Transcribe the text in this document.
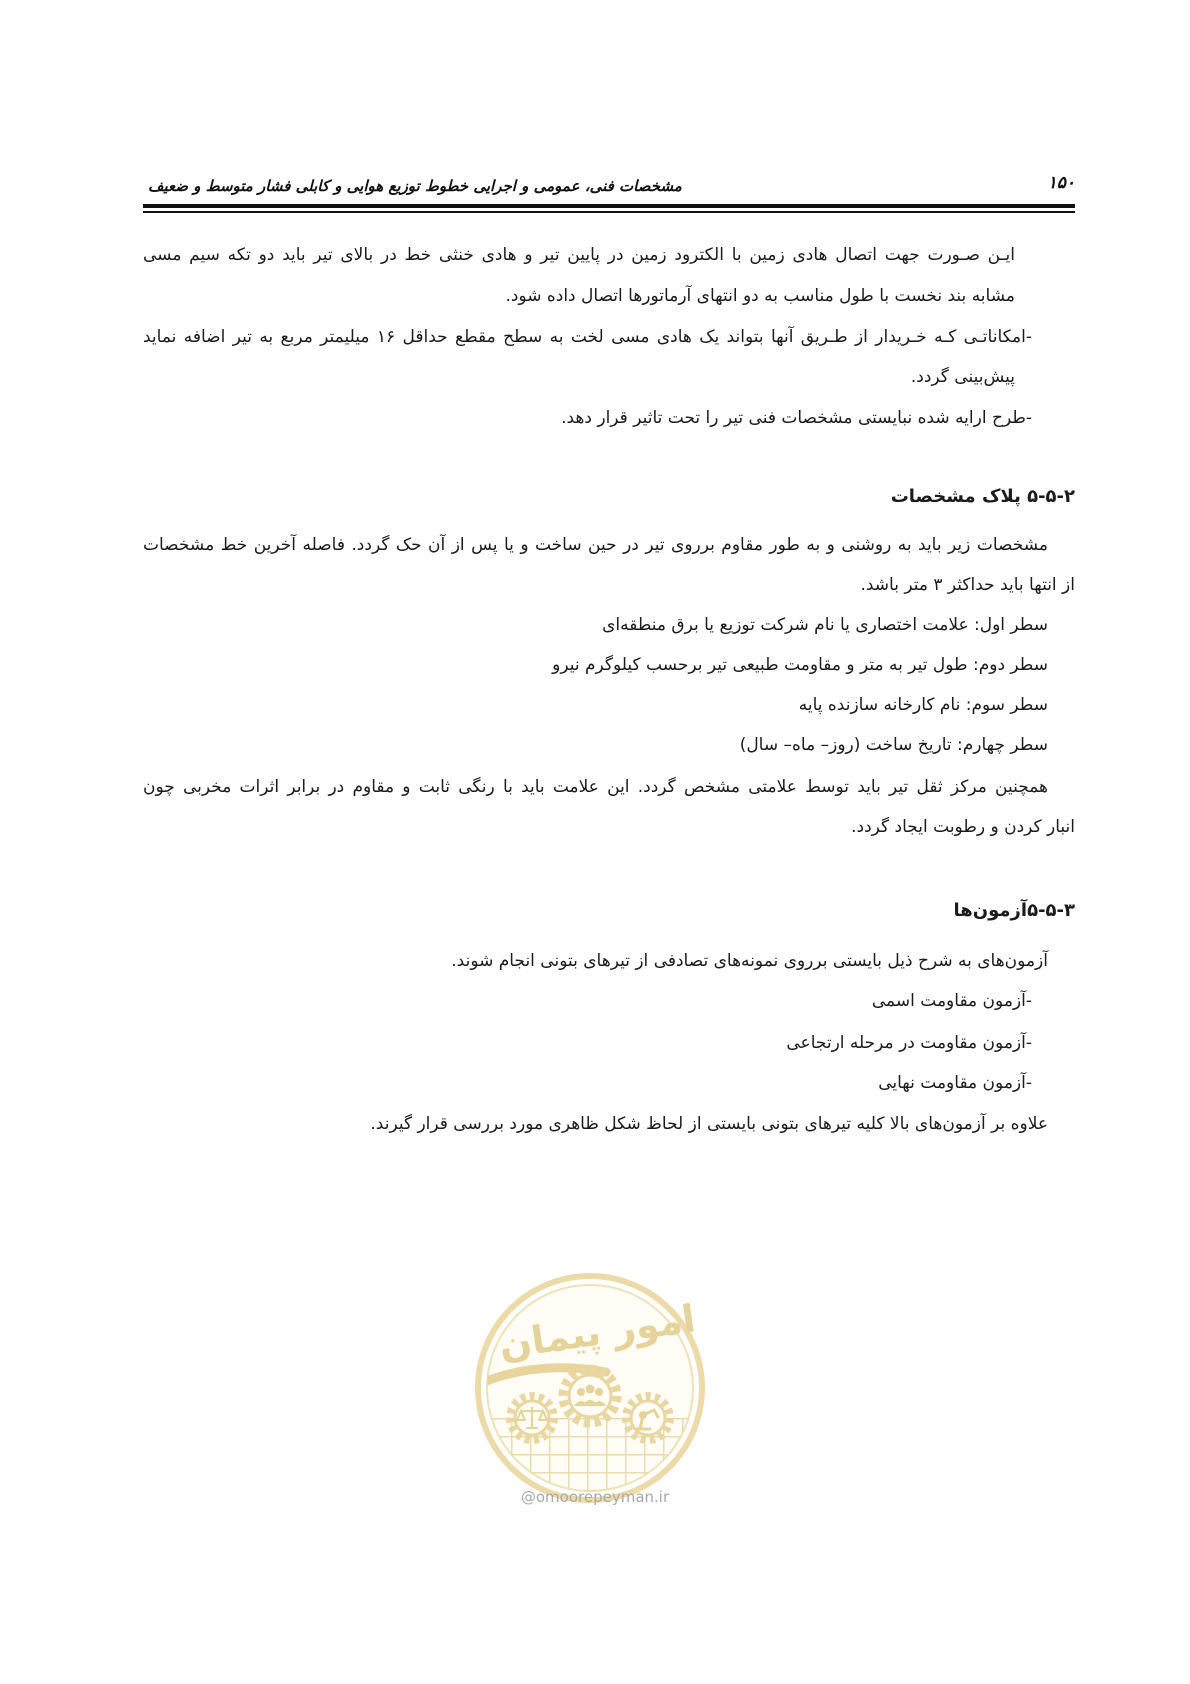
مشخصات فنی، عمومی و اجرایی خطوط توزیع هوایی و کابلی فشار متوسط و ضعیف	۱۵۰
ایـن صـورت جهت اتصال هادی زمین با الکترود زمین در پایین تیر و هادی خنثی خط در بالای تیر باید دو تکه سیم مسی
مشابه بند نخست با طول مناسب به دو انتهای آرماتورها اتصال داده شود.
-امکاناتـی کـه خـریدار از طـریق آنها بتواند یک هادی مسی لخت به سطح مقطع حداقل ۱۶ میلیمتر مربع به تیر اضافه نماید
پیش‌بینی گردد.
-طرح ارایه شده نبایستی مشخصات فنی تیر را تحت تاثیر قرار دهد.
۵-۵-۲ پلاک مشخصات
مشخصات زیر باید به روشنی و به طور مقاوم برروی تیر در حین ساخت و یا پس از آن حک گردد. فاصله آخرین خط مشخصات
از انتها باید حداکثر ۳ متر باشد.
سطر اول: علامت اختصاری یا نام شرکت توزیع یا برق منطقه‌ای
سطر دوم: طول تیر به متر و مقاومت طبیعی تیر برحسب کیلوگرم نیرو
سطر سوم: نام کارخانه سازنده پایه
سطر چهارم: تاریخ ساخت (روز– ماه– سال)
همچنین مرکز ثقل تیر باید توسط علامتی مشخص گردد. این علامت باید با رنگی ثابت و مقاوم در برابر اثرات مخربی چون
انبار کردن و رطوبت ایجاد گردد.
۵-۵-۳آزمون‌ها
آزمون‌های به شرح ذیل بایستی برروی نمونه‌های تصادفی از تیرهای بتونی انجام شوند.
-آزمون مقاومت اسمی
-آزمون مقاومت در مرحله ارتجاعی
-آزمون مقاومت نهایی
علاوه بر آزمون‌های بالا کلیه تیرهای بتونی بایستی از لحاظ شکل ظاهری مورد بررسی قرار گیرند.
امور پیمان
@omoorepeyman.ir
